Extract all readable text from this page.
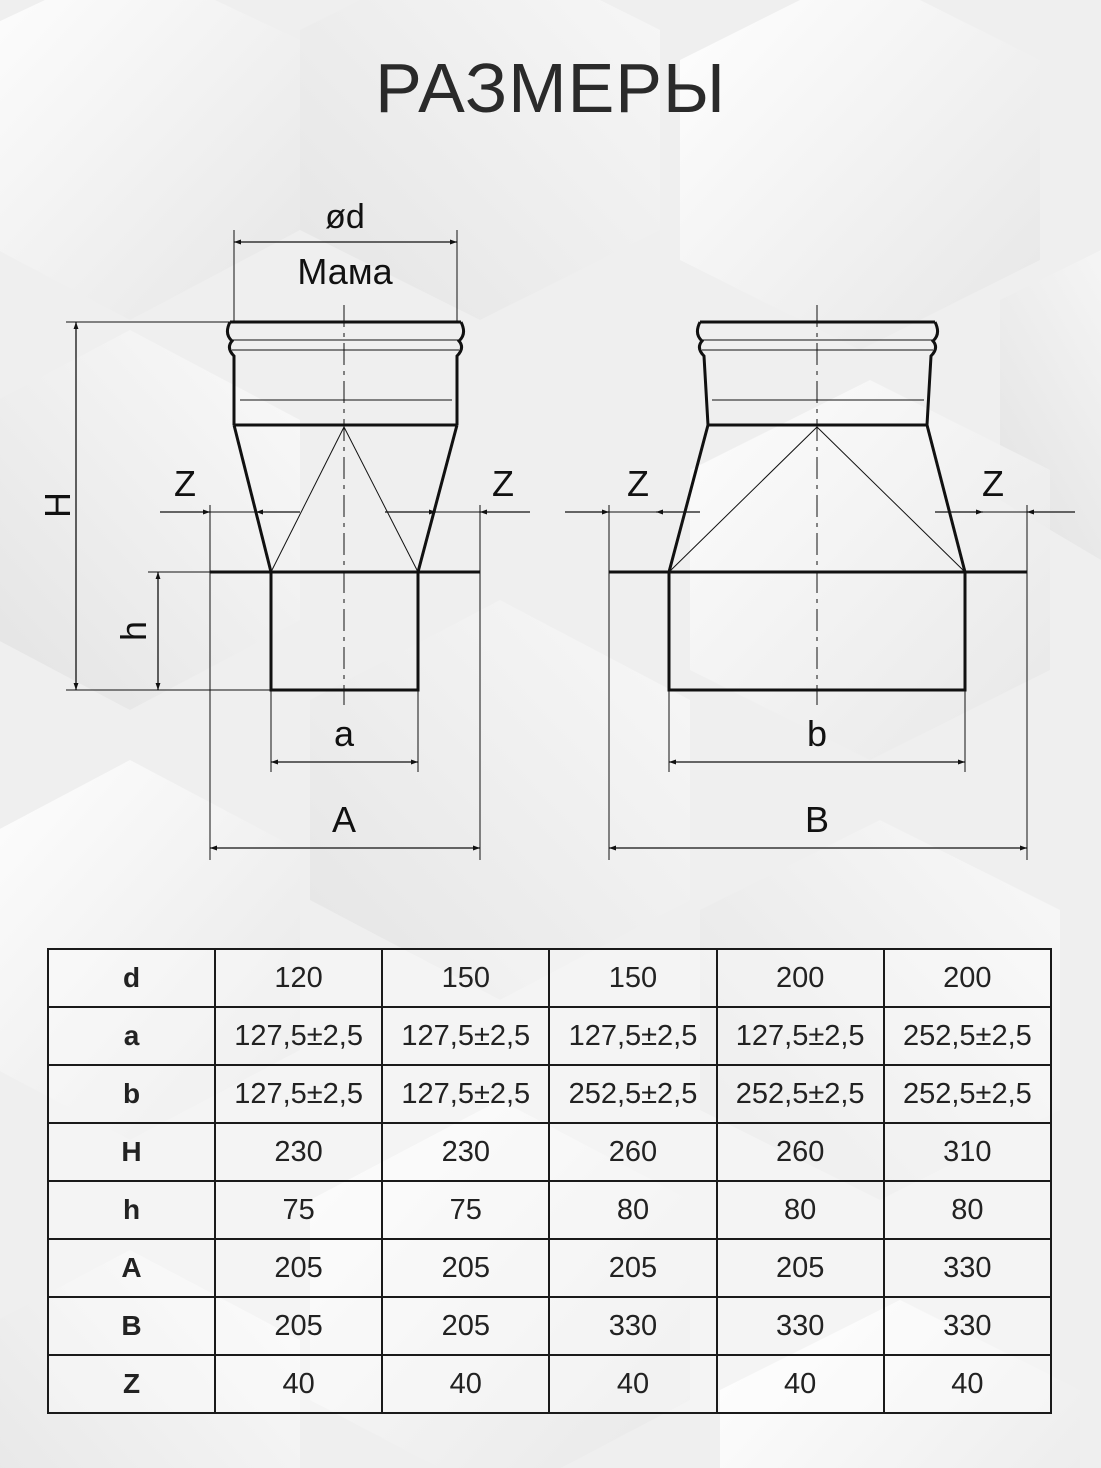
РАЗМЕРЫ
ød
Мама
H
h
Z	Z	Z	Z
a
A
b
B
d	120	150	150	200	200
a	127,5±2,5	127,5±2,5	127,5±2,5	127,5±2,5	252,5±2,5
b	127,5±2,5	127,5±2,5	252,5±2,5	252,5±2,5	252,5±2,5
H	230	230	260	260	310
h	75	75	80	80	80
A	205	205	205	205	330
B	205	205	330	330	330
Z	40	40	40	40	40
